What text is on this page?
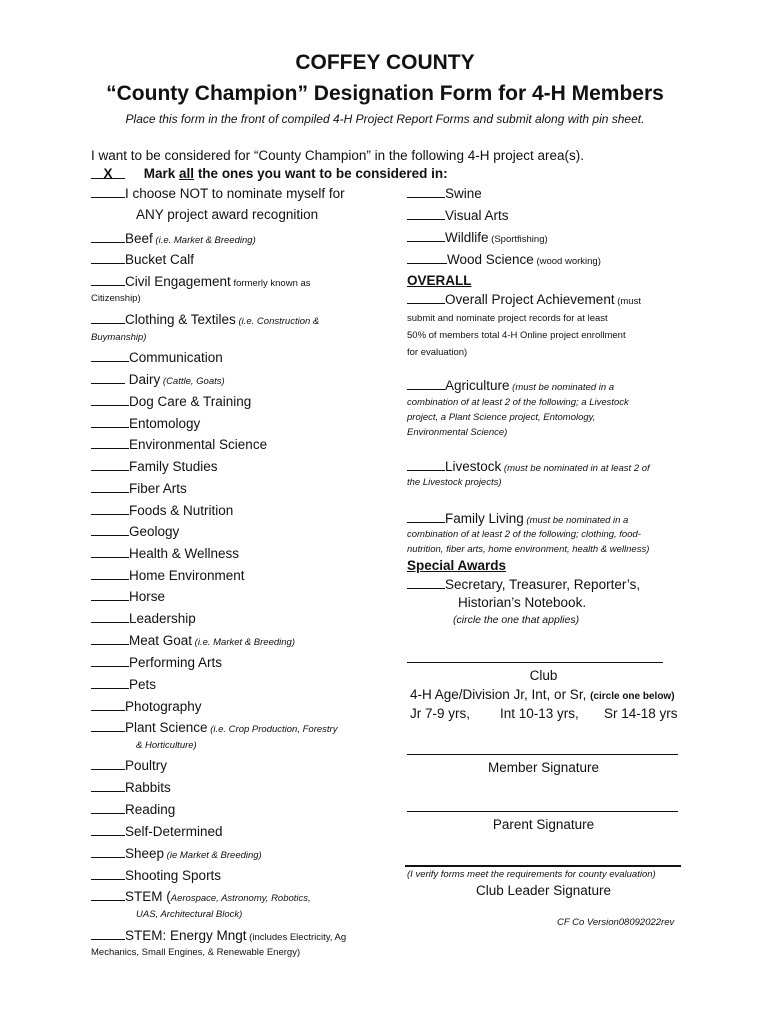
COFFEY COUNTY
“County Champion” Designation Form for 4-H Members
Place this form in the front of compiled 4-H Project Report Forms and submit along with pin sheet.
I want to be considered for “County Champion” in the following 4-H project area(s).
X Mark all the ones you want to be considered in:
I choose NOT to nominate myself for
ANY project award recognition
Beef (i.e. Market & Breeding)
Bucket Calf
Civil Engagement formerly known as
Citizenship)
Clothing & Textiles (i.e. Construction &
Buymanship)
Communication
Dairy (Cattle, Goats)
Dog Care & Training
Entomology
Environmental Science
Family Studies
Fiber Arts
Foods & Nutrition
Geology
Health & Wellness
Home Environment
Horse
Leadership
Meat Goat (i.e. Market & Breeding)
Performing Arts
Pets
Photography
Plant Science (i.e. Crop Production, Forestry
& Horticulture)
Poultry
Rabbits
Reading
Self-Determined
Sheep (ie Market & Breeding)
Shooting Sports
STEM (Aerospace, Astronomy, Robotics,
UAS, Architectural Block)
STEM: Energy Mngt (includes Electricity, Ag
Mechanics, Small Engines, & Renewable Energy)
Swine
Visual Arts
Wildlife (Sportfishing)
Wood Science (wood working)
OVERALL
Overall Project Achievement (must
submit and nominate project records for at least
50% of members total 4-H Online project enrollment
for evaluation)
Agriculture (must be nominated in a
combination of at least 2 of the following; a Livestock
project, a Plant Science project, Entomology,
Environmental Science)
Livestock (must be nominated in at least 2 of
the Livestock projects)
Family Living (must be nominated in a
combination of at least 2 of the following; clothing, food-
nutrition, fiber arts, home environment, health & wellness)
Special Awards
Secretary, Treasurer, Reporter’s,
Historian’s Notebook.
(circle the one that applies)
Club
4-H Age/Division Jr, Int, or Sr, (circle one below)
Jr 7-9 yrs, Int 10-13 yrs, Sr 14-18 yrs
Member Signature
Parent Signature
(I verify forms meet the requirements for county evaluation)
Club Leader Signature
CF Co Version08092022rev
